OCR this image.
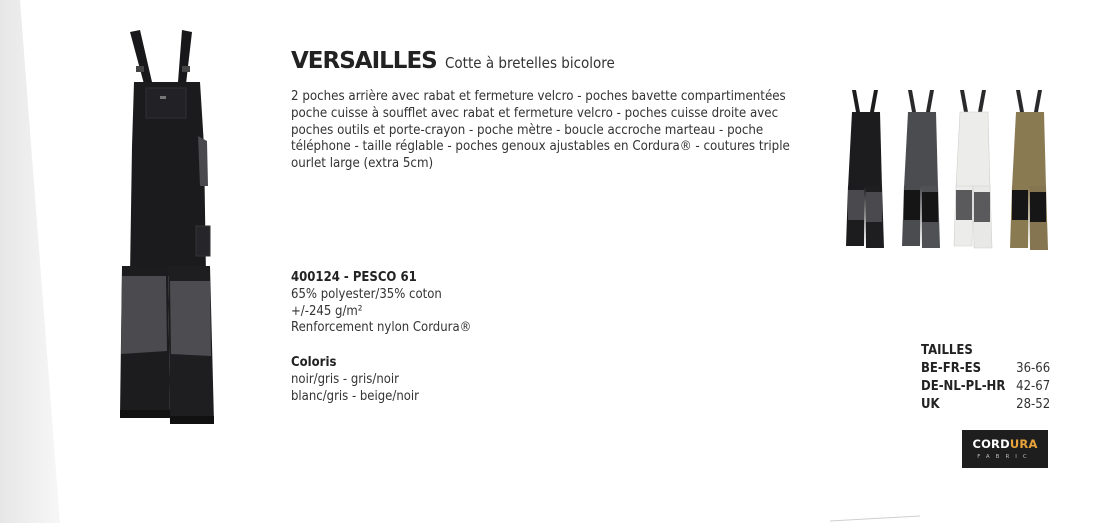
VERSAILLES Cotte à bretelles bicolore
2 poches arrière avec rabat et fermeture velcro - poches bavette compartimentées
poche cuisse à soufflet avec rabat et fermeture velcro - poches cuisse droite avec
poches outils et porte-crayon - poche mètre - boucle accroche marteau - poche
téléphone - taille réglable - poches genoux ajustables en Cordura® - coutures triple
ourlet large (extra 5cm)
400124 - PESCO 61
65% polyester/35% coton
+/-245 g/m²
Renforcement nylon Cordura®
Coloris
noir/gris - gris/noir
blanc/gris - beige/noir
TAILLES
BE-FR-ES	36-66
DE-NL-PL-HR	42-67
UK	28-52
CORDURA
FABRIC
